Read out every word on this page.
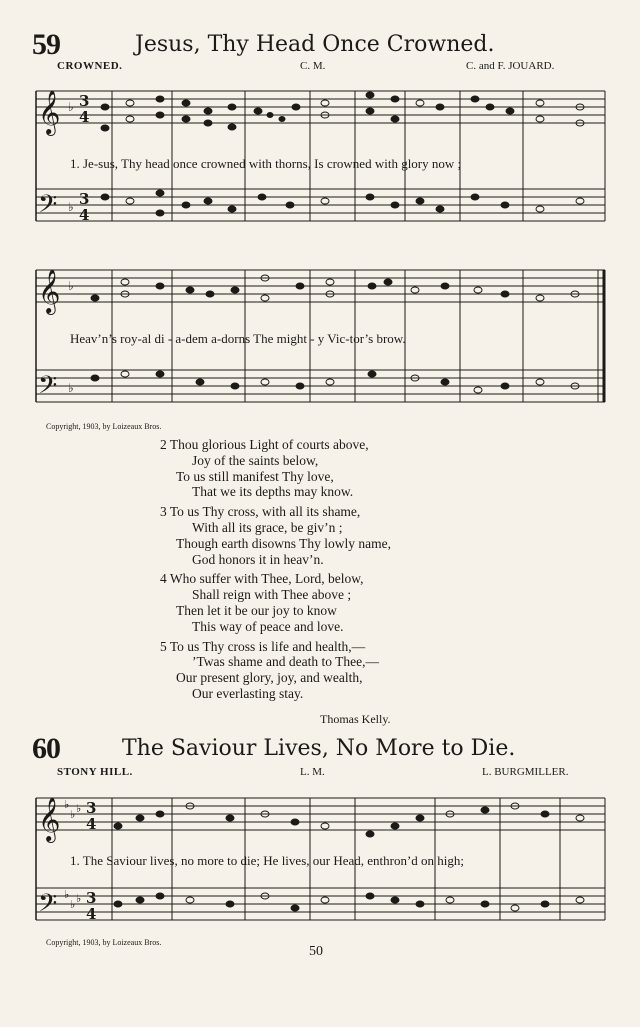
59	Jesus, Thy Head Once Crowned.
CROWNED.	C. M.	C. and F. JOUARD.
𝄞
𝄢
♭
♭
3
4
3
4
1. Je-sus, Thy head once crowned with thorns, Is crowned with glory now ;
𝄞
𝄢
♭
♭
Heav’n’s roy-al di - a-dem a-dorns The might - y Vic-tor’s brow.
Copyright, 1903, by Loizeaux Bros.
2 Thou glorious Light of courts above,
Joy of the saints below,
To us still manifest Thy love,
That we its depths may know.
3 To us Thy cross, with all its shame,
With all its grace, be giv’n ;
Though earth disowns Thy lowly name,
God honors it in heav’n.
4 Who suffer with Thee, Lord, below,
Shall reign with Thee above ;
Then let it be our joy to know
This way of peace and love.
5 To us Thy cross is life and health,—
’Twas shame and death to Thee,—
Our present glory, joy, and wealth,
Our everlasting stay.
Thomas Kelly.
60	The Saviour Lives, No More to Die.
STONY HILL.	L. M.	L. BURGMILLER.
𝄞
𝄢
♭
♭ ♭
♭
♭ ♭
3
4
3
4
1. The Saviour lives, no more to die; He lives, our Head, enthron’d on high;
Copyright, 1903, by Loizeaux Bros.
50
